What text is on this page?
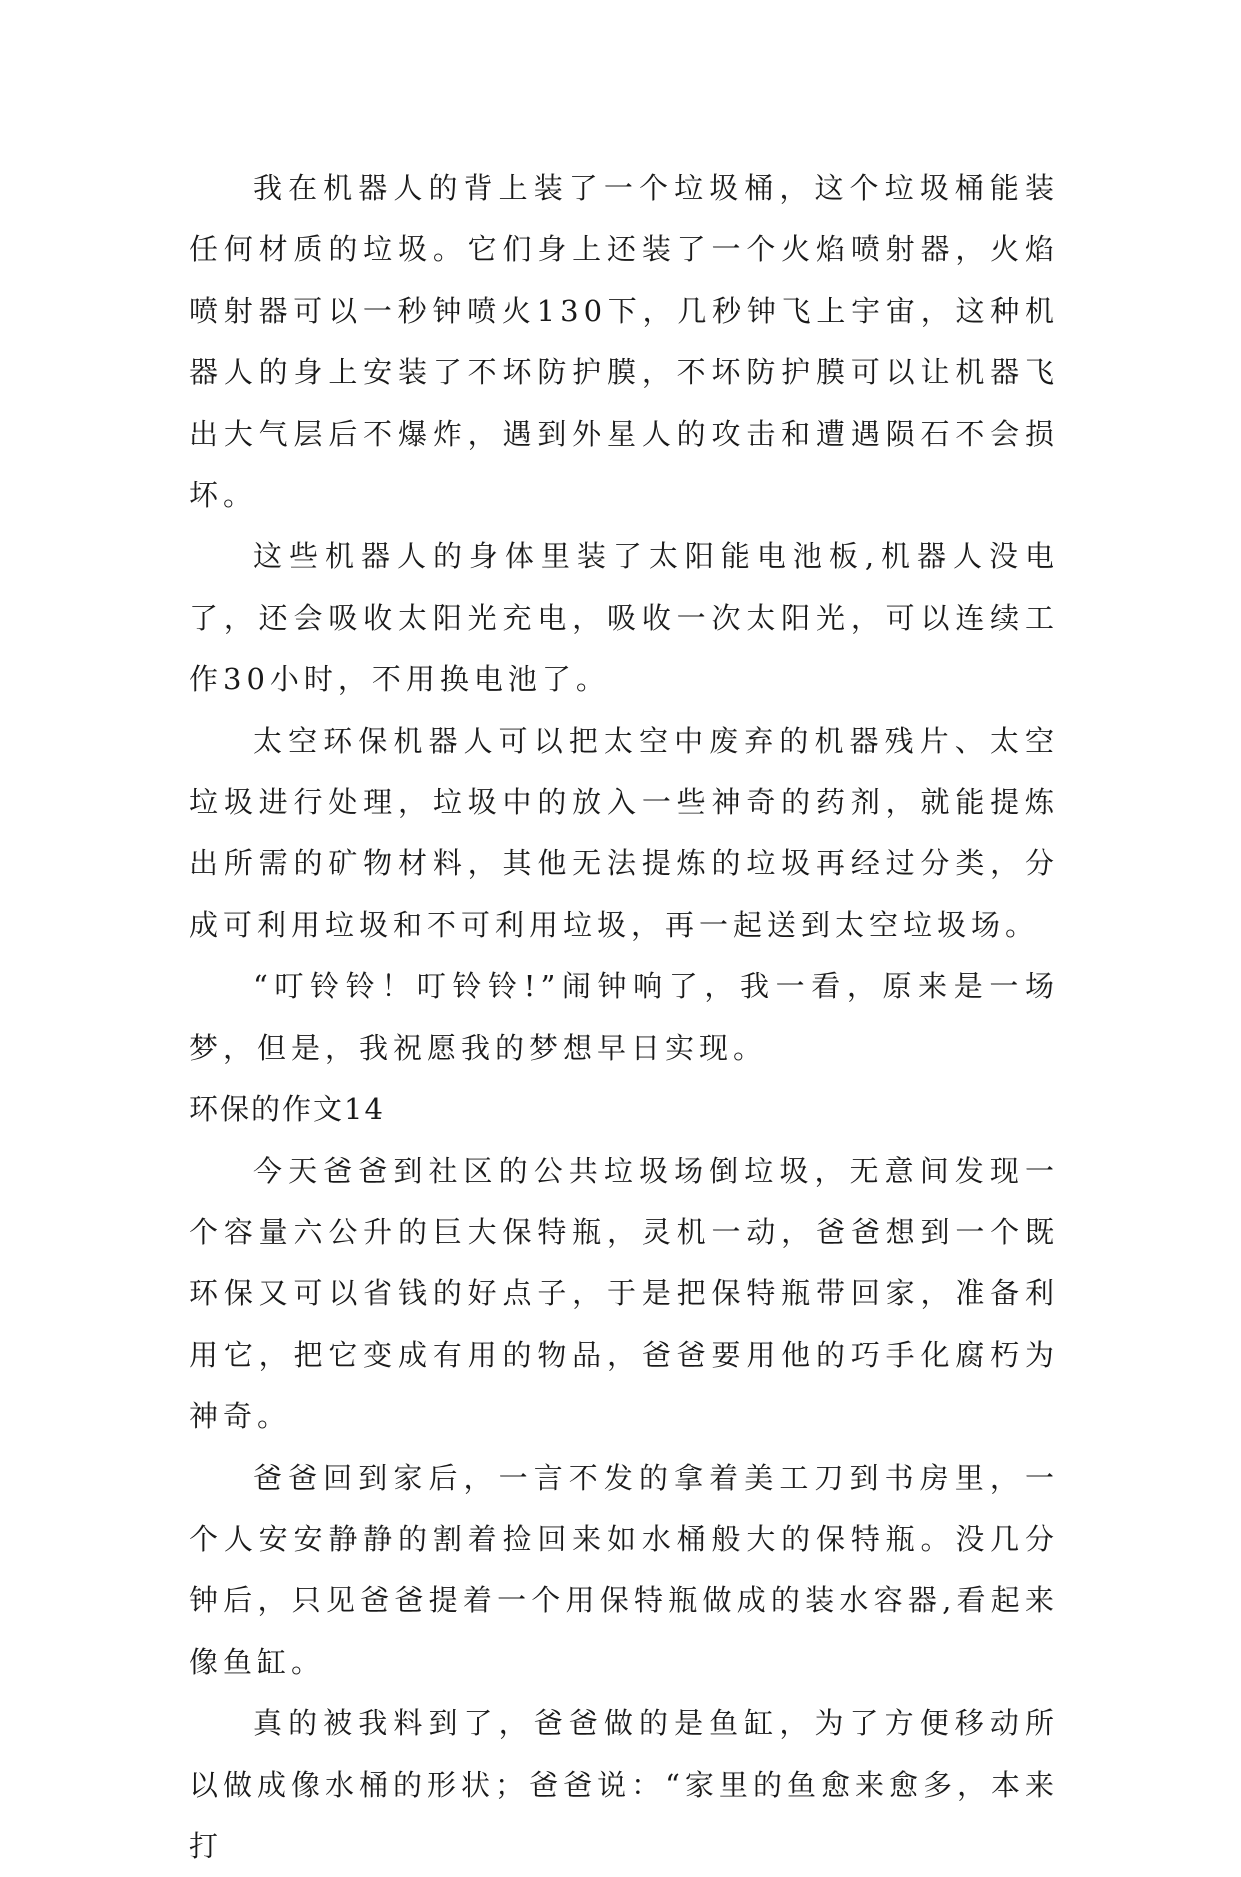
我在机器人的背上装了一个垃圾桶，这个垃圾桶能装任何材质的垃圾。它们身上还装了一个火焰喷射器，火焰喷射器可以一秒钟喷火130下，几秒钟飞上宇宙，这种机器人的身上安装了不坏防护膜，不坏防护膜可以让机器飞出大气层后不爆炸，遇到外星人的攻击和遭遇陨石不会损坏。

这些机器人的身体里装了太阳能电池板,机器人没电了，还会吸收太阳光充电，吸收一次太阳光，可以连续工作30小时，不用换电池了。

太空环保机器人可以把太空中废弃的机器残片、太空垃圾进行处理，垃圾中的放入一些神奇的药剂，就能提炼出所需的矿物材料，其他无法提炼的垃圾再经过分类，分成可利用垃圾和不可利用垃圾，再一起送到太空垃圾场。

“叮铃铃！叮铃铃!”闹钟响了，我一看，原来是一场梦，但是，我祝愿我的梦想早日实现。

环保的作文14

今天爸爸到社区的公共垃圾场倒垃圾，无意间发现一个容量六公升的巨大保特瓶，灵机一动，爸爸想到一个既环保又可以省钱的好点子，于是把保特瓶带回家，准备利用它，把它变成有用的物品，爸爸要用他的巧手化腐朽为神奇。

爸爸回到家后，一言不发的拿着美工刀到书房里，一个人安安静静的割着捡回来如水桶般大的保特瓶。没几分钟后，只见爸爸提着一个用保特瓶做成的装水容器,看起来像鱼缸。

真的被我料到了，爸爸做的是鱼缸，为了方便移动所以做成像水桶的形状；爸爸说：“家里的鱼愈来愈多，本来打
